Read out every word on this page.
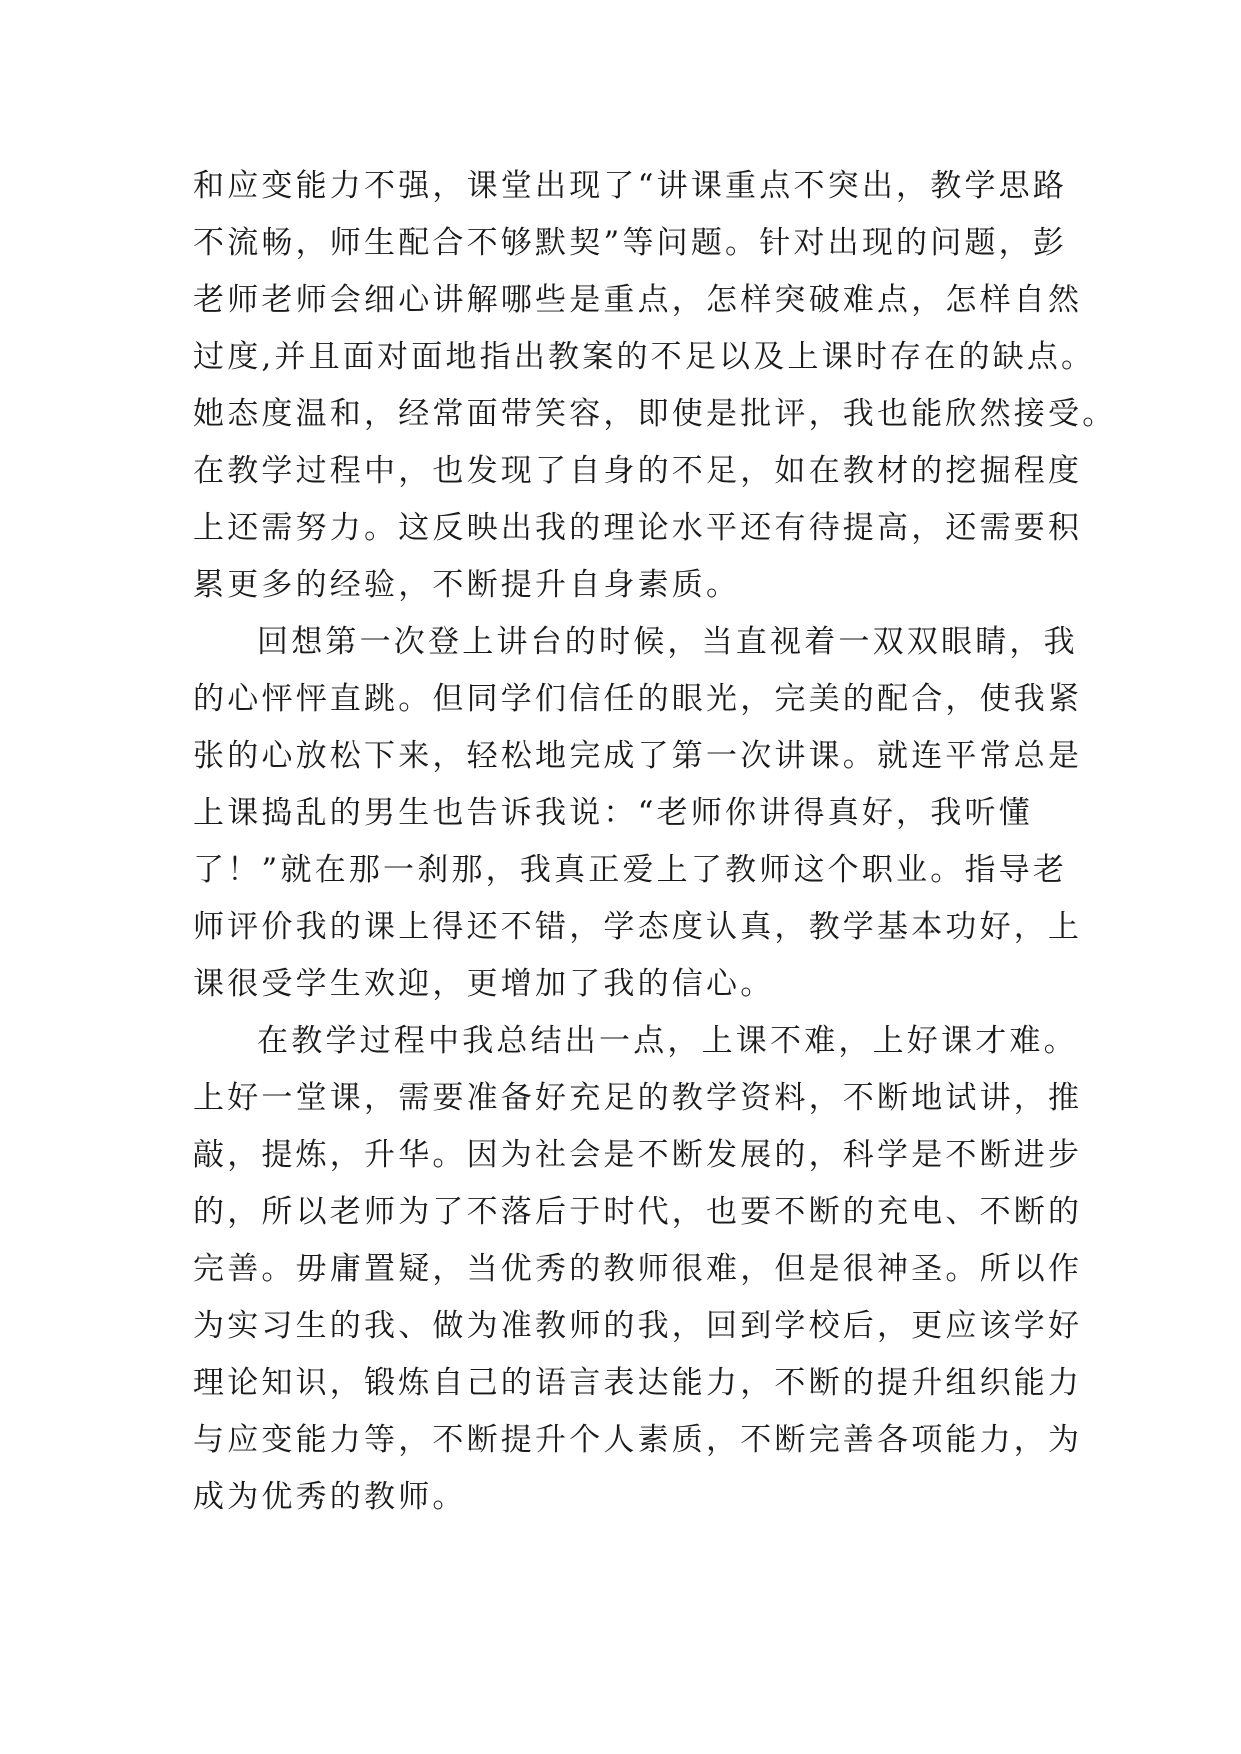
和应变能力不强，课堂出现了“讲课重点不突出，教学思路
不流畅，师生配合不够默契”等问题。针对出现的问题，彭
老师老师会细心讲解哪些是重点，怎样突破难点，怎样自然
过度,并且面对面地指出教案的不足以及上课时存在的缺点。
她态度温和，经常面带笑容，即使是批评，我也能欣然接受。
在教学过程中，也发现了自身的不足，如在教材的挖掘程度
上还需努力。这反映出我的理论水平还有待提高，还需要积
累更多的经验，不断提升自身素质。
回想第一次登上讲台的时候，当直视着一双双眼睛，我
的心怦怦直跳。但同学们信任的眼光，完美的配合，使我紧
张的心放松下来，轻松地完成了第一次讲课。就连平常总是
上课捣乱的男生也告诉我说：“老师你讲得真好，我听懂
了！”就在那一刹那，我真正爱上了教师这个职业。指导老
师评价我的课上得还不错，学态度认真，教学基本功好，上
课很受学生欢迎，更增加了我的信心。
在教学过程中我总结出一点，上课不难，上好课才难。
上好一堂课，需要准备好充足的教学资料，不断地试讲，推
敲，提炼，升华。因为社会是不断发展的，科学是不断进步
的，所以老师为了不落后于时代，也要不断的充电、不断的
完善。毋庸置疑，当优秀的教师很难，但是很神圣。所以作
为实习生的我、做为准教师的我，回到学校后，更应该学好
理论知识，锻炼自己的语言表达能力，不断的提升组织能力
与应变能力等，不断提升个人素质，不断完善各项能力，为
成为优秀的教师。
